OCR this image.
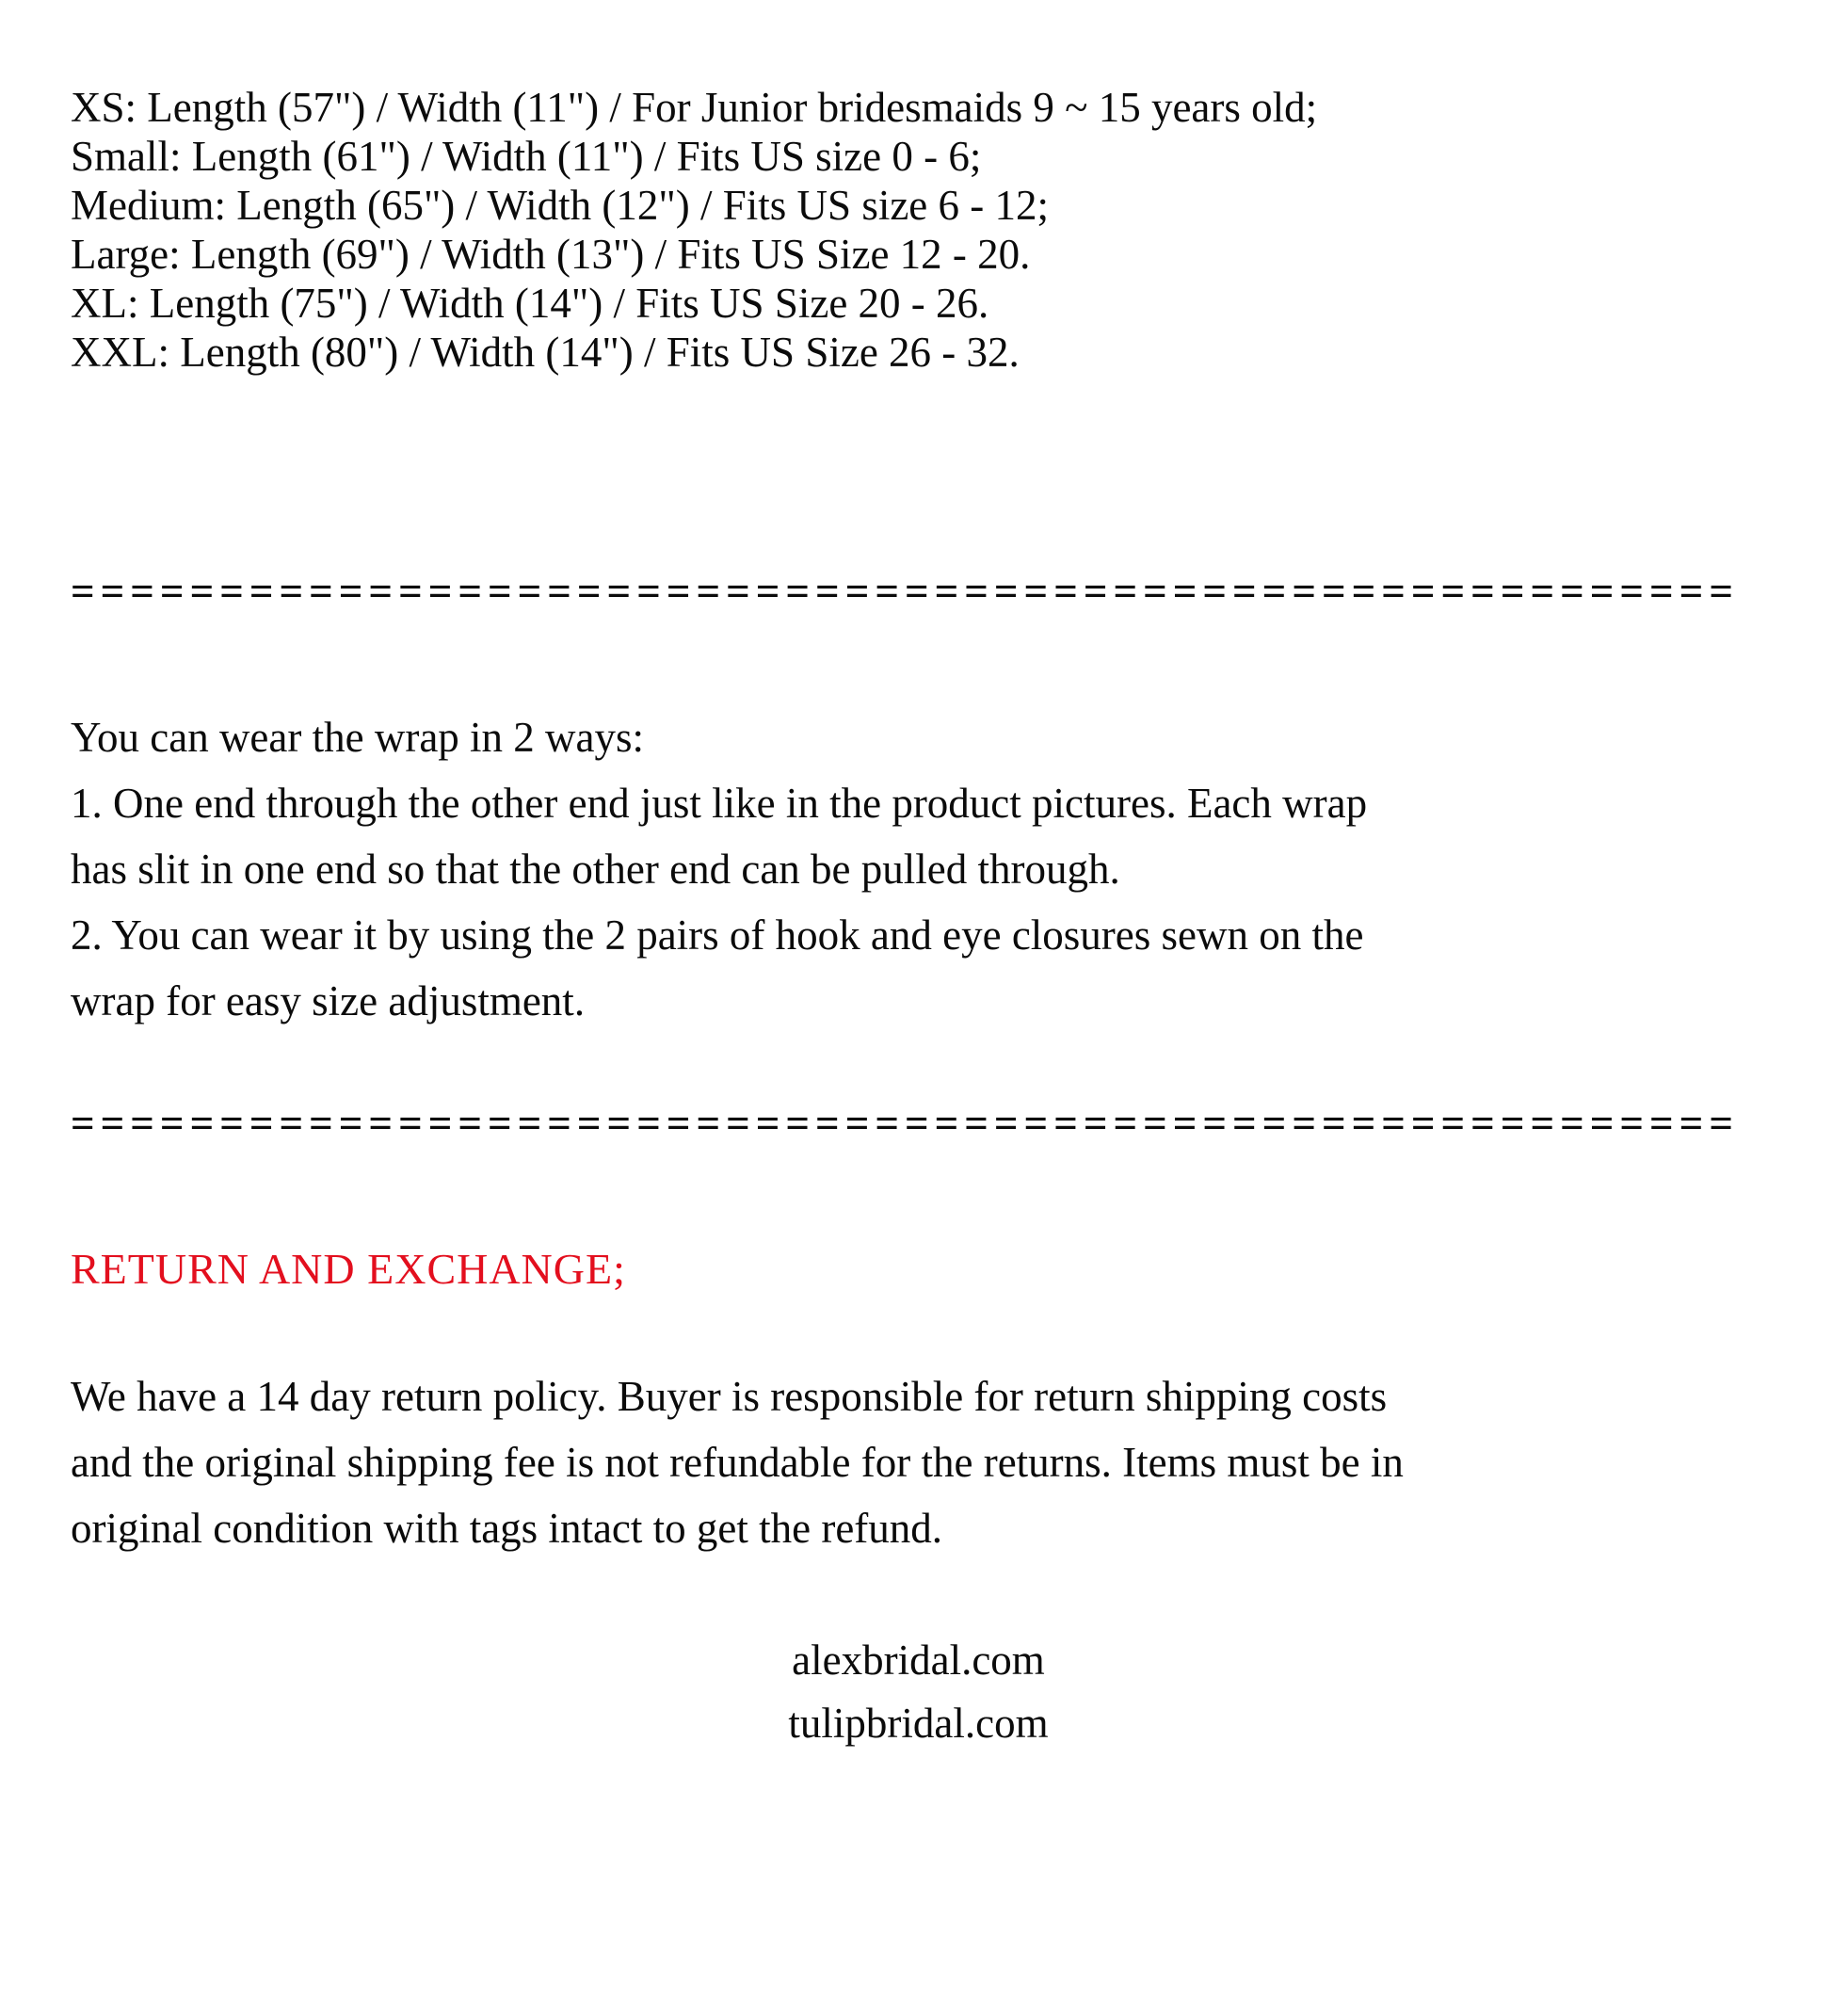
XS: Length (57") / Width (11") / For Junior bridesmaids 9 ~ 15 years old;
Small: Length (61") / Width (11") / Fits US size 0 - 6;
Medium: Length (65") / Width (12") / Fits US size 6 - 12;
Large: Length (69") / Width (13") / Fits US Size 12 - 20.
XL: Length (75") / Width (14") / Fits US Size 20 - 26.
XXL: Length (80") / Width (14") / Fits US Size 26 - 32.
========================================================
You can wear the wrap in 2 ways:
1. One end through the other end just like in the product pictures. Each wrap
has slit in one end so that the other end can be pulled through.
2. You can wear it by using the 2 pairs of hook and eye closures sewn on the
wrap for easy size adjustment.
========================================================
RETURN AND EXCHANGE;
We have a 14 day return policy. Buyer is responsible for return shipping costs
and the original shipping fee is not refundable for the returns. Items must be in
original condition with tags intact to get the refund.
alexbridal.com
tulipbridal.com
